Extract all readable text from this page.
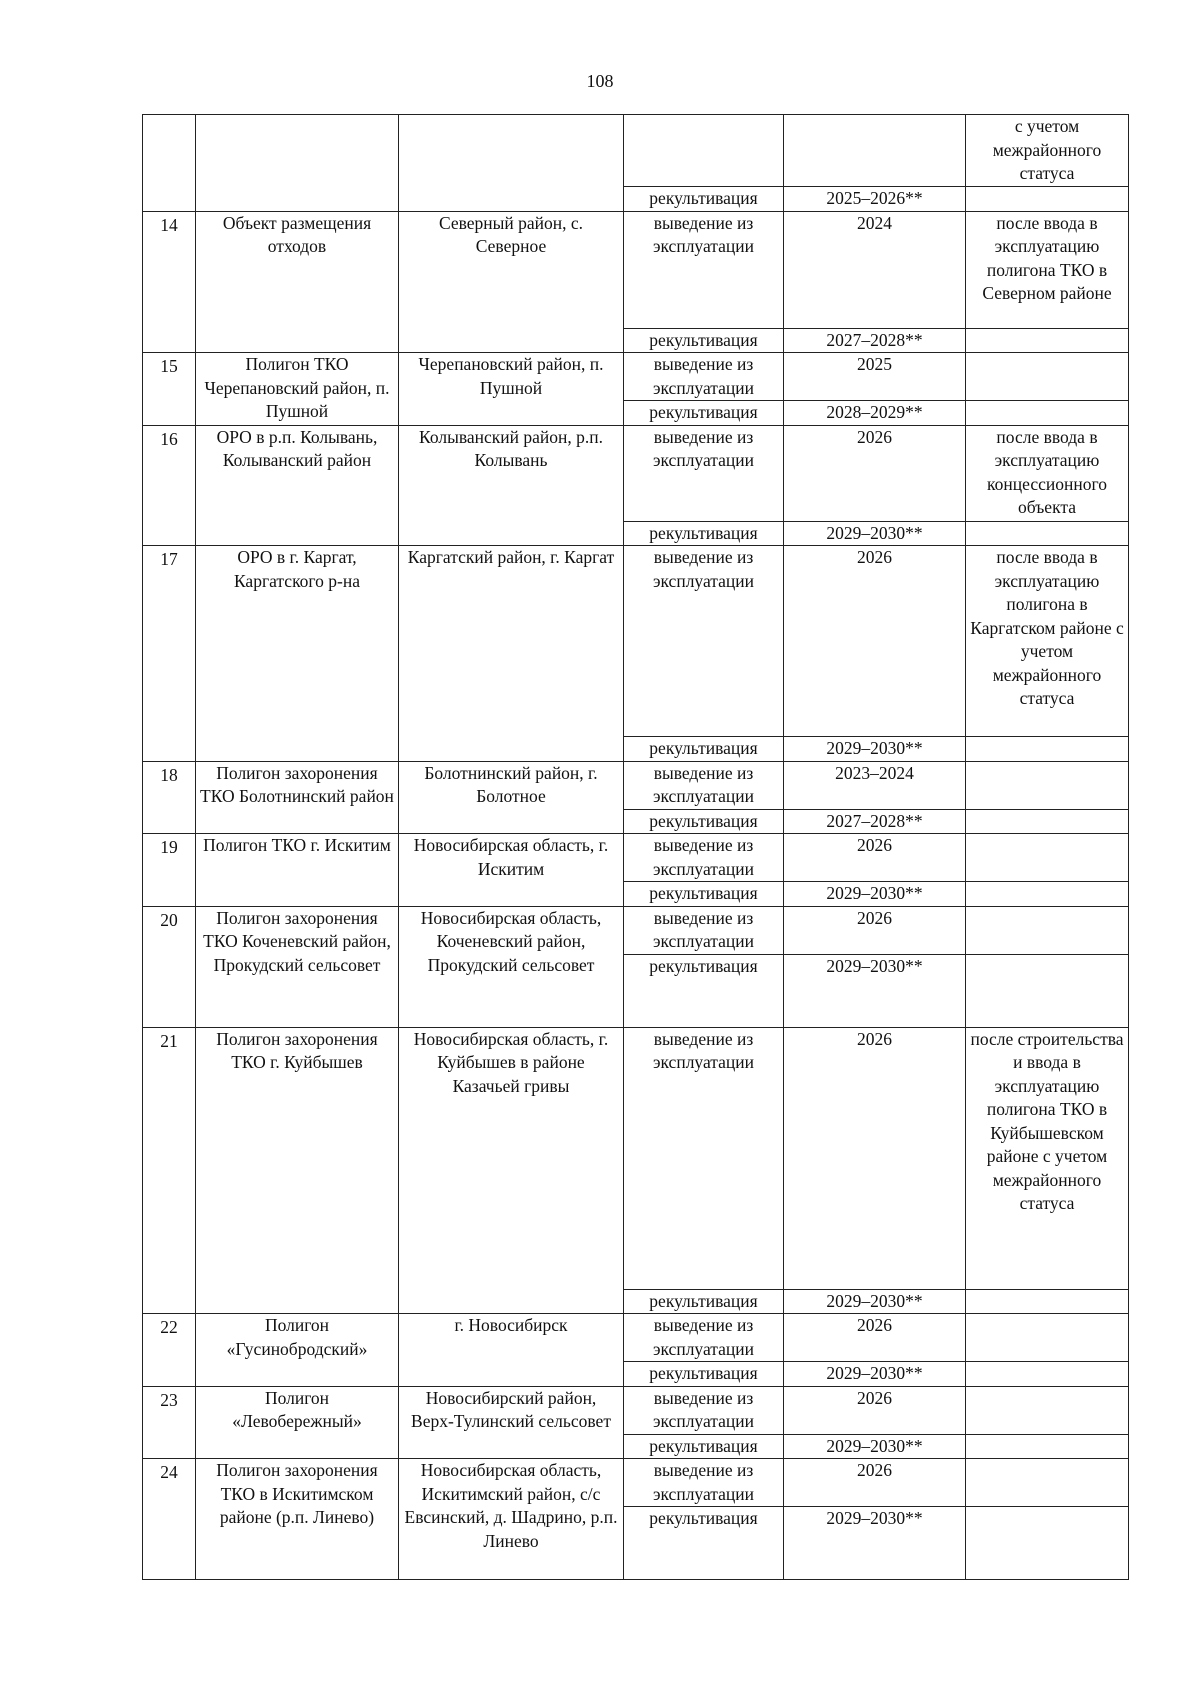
108
					с учетом межрайонного статуса
			рекультивация	2025–2026**	
14	Объект размещения отходов	Северный район, с. Северное	выведение из эксплуатации	2024	после ввода в эксплуатацию полигона ТКО в Северном районе
			рекультивация	2027–2028**	
15	Полигон ТКО Черепановский район, п. Пушной	Черепановский район, п. Пушной	выведение из эксплуатации	2025	
			рекультивация	2028–2029**	
16	ОРО в р.п. Колывань, Колыванский район	Колыванский район, р.п. Колывань	выведение из эксплуатации	2026	после ввода в эксплуатацию концессионного объекта
			рекультивация	2029–2030**	
17	ОРО в г. Каргат, Каргатского р-на	Каргатский район, г. Каргат	выведение из эксплуатации	2026	после ввода в эксплуатацию полигона в Каргатском районе с учетом межрайонного статуса
			рекультивация	2029–2030**	
18	Полигон захоронения ТКО Болотнинский район	Болотнинский район, г. Болотное	выведение из эксплуатации	2023–2024	
			рекультивация	2027–2028**	
19	Полигон ТКО г. Искитим	Новосибирская область, г. Искитим	выведение из эксплуатации	2026	
			рекультивация	2029–2030**	
20	Полигон захоронения ТКО Коченевский район, Прокудский сельсовет	Новосибирская область, Коченевский район, Прокудский сельсовет	выведение из эксплуатации	2026	
			рекультивация	2029–2030**	
21	Полигон захоронения ТКО г. Куйбышев	Новосибирская область, г. Куйбышев в районе Казачьей гривы	выведение из эксплуатации	2026	после строительства и ввода в эксплуатацию полигона ТКО в Куйбышевском районе с учетом межрайонного статуса
			рекультивация	2029–2030**	
22	Полигон «Гусинобродский»	г. Новосибирск	выведение из эксплуатации	2026	
			рекультивация	2029–2030**	
23	Полигон «Левобережный»	Новосибирский район, Верх-Тулинский сельсовет	выведение из эксплуатации	2026	
			рекультивация	2029–2030**	
24	Полигон захоронения ТКО в Искитимском районе (р.п. Линево)	Новосибирская область, Искитимский район, с/с Евсинский, д. Шадрино, р.п. Линево	выведение из эксплуатации	2026	
			рекультивация	2029–2030**	
